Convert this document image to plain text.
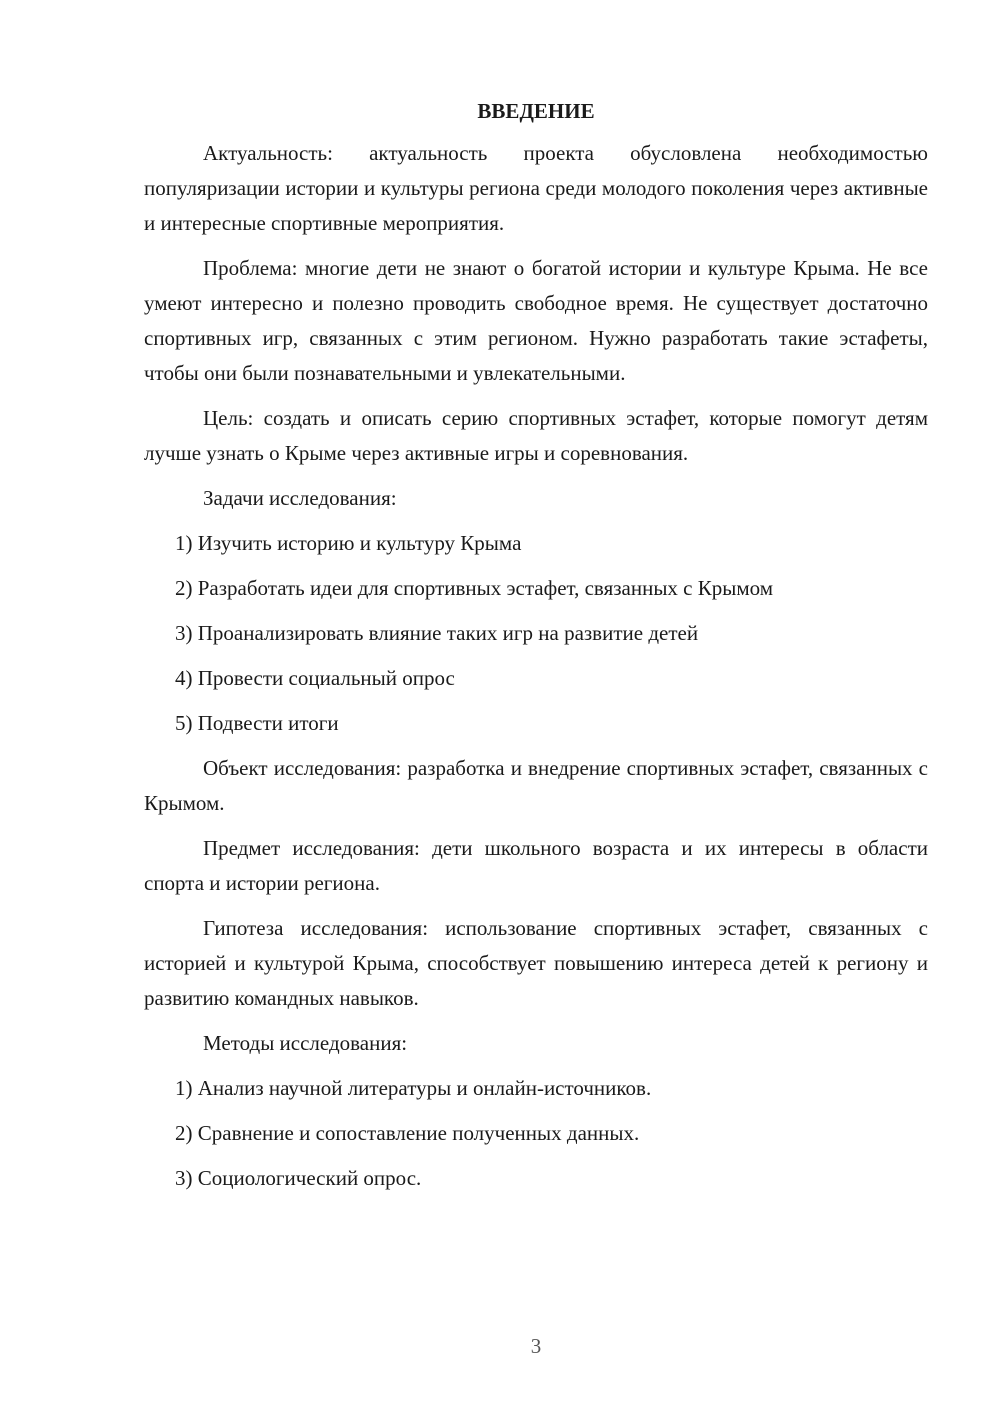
ВВЕДЕНИЕ

Актуальность: актуальность проекта обусловлена необходимостью популяризации истории и культуры региона среди молодого поколения через активные и интересные спортивные мероприятия.

Проблема: многие дети не знают о богатой истории и культуре Крыма. Не все умеют интересно и полезно проводить свободное время. Не существует достаточно спортивных игр, связанных с этим регионом. Нужно разработать такие эстафеты, чтобы они были познавательными и увлекательными.

Цель: создать и описать серию спортивных эстафет, которые помогут детям лучше узнать о Крыме через активные игры и соревнования.

Задачи исследования:

1) Изучить историю и культуру Крыма
2) Разработать идеи для спортивных эстафет, связанных с Крымом
3) Проанализировать влияние таких игр на развитие детей
4) Провести социальный опрос
5) Подвести итоги

Объект исследования: разработка и внедрение спортивных эстафет, связанных с Крымом.

Предмет исследования: дети школьного возраста и их интересы в области спорта и истории региона.

Гипотеза исследования: использование спортивных эстафет, связанных с историей и культурой Крыма, способствует повышению интереса детей к региону и развитию командных навыков.

Методы исследования:

1) Анализ научной литературы и онлайн-источников.
2) Сравнение и сопоставление полученных данных.
3) Социологический опрос.
3
